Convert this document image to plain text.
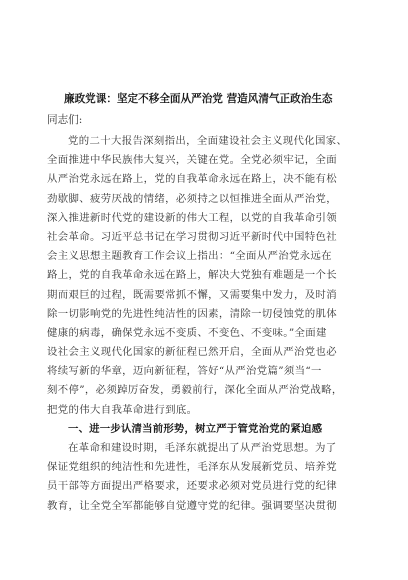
廉政党课：坚定不移全面从严治党 营造风清气正政治生态
同志们:
党的二十大报告深刻指出，全面建设社会主义现代化国家、
全面推进中华民族伟大复兴，关键在党。全党必须牢记，全面
从严治党永远在路上，党的自我革命永远在路上，决不能有松
劲歇脚、疲劳厌战的情绪，必须持之以恒推进全面从严治党，
深入推进新时代党的建设新的伟大工程，以党的自我革命引领
社会革命。习近平总书记在学习贯彻习近平新时代中国特色社
会主义思想主题教育工作会议上指出：“全面从严治党永远在
路上，党的自我革命永远在路上，解决大党独有难题是一个长
期而艰巨的过程，既需要常抓不懈，又需要集中发力，及时消
除一切影响党的先进性纯洁性的因素，清除一切侵蚀党的肌体
健康的病毒，确保党永远不变质、不变色、不变味。”全面建
设社会主义现代化国家的新征程已然开启，全面从严治党也必
将续写新的华章，迈向新征程，答好“从严治党篇”须当“一
刻不停”，必须踔厉奋发，勇毅前行，深化全面从严治党战略，
把党的伟大自我革命进行到底。
一、进一步认清当前形势，树立严于管党治党的紧迫感
在革命和建设时期，毛泽东就提出了从严治党思想。为了
保证党组织的纯洁性和先进性，毛泽东从发展新党员、培养党
员干部等方面提出严格要求，还要求必须对党员进行党的纪律
教育，让全党全军都能够自觉遵守党的纪律。强调要坚决贯彻
